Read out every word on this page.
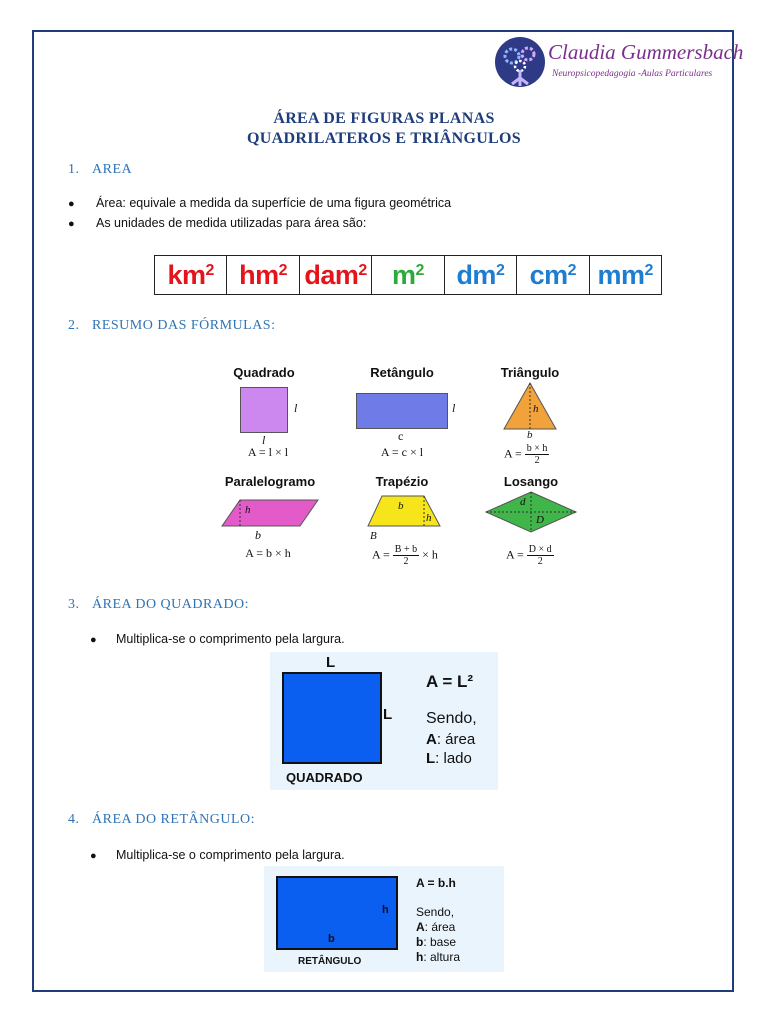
Claudia Gummersbach
Neuropsicopedagogia -Aulas Particulares
ÁREA DE FIGURAS PLANAS
QUADRILATEROS E TRIÂNGULOS
1. AREA
● Área: equivale a medida da superfície de uma figura geométrica
● As unidades de medida utilizadas para área são:
$km^2$ $hm^2$ dam$^2$ $m^2$ $dm^2$ $cm^2$ $mm^2$
2. RESUMO DAS FÓRMULAS:
Quadrado
l
l
A = l × l
Retângulo
l
c
A = c × l
Triângulo
h
b
$A = \frac{b \times h}{2}$
Paralelogramo
h
b
A = b × h
Trapézio
b
h
B
$A = \frac{B + b}{2} \times h$
Losango
d
D
$A = \frac{D \times d}{2}$
3. ÁREA DO QUADRADO:
● Multiplica-se o comprimento pela largura.
L
L
QUADRADO
A = L²
Sendo,
A: área
L: lado
4. ÁREA DO RETÂNGULO:
● Multiplica-se o comprimento pela largura.
h
b
RETÂNGULO
A = b.h
Sendo,
A: área
b: base
h: altura
